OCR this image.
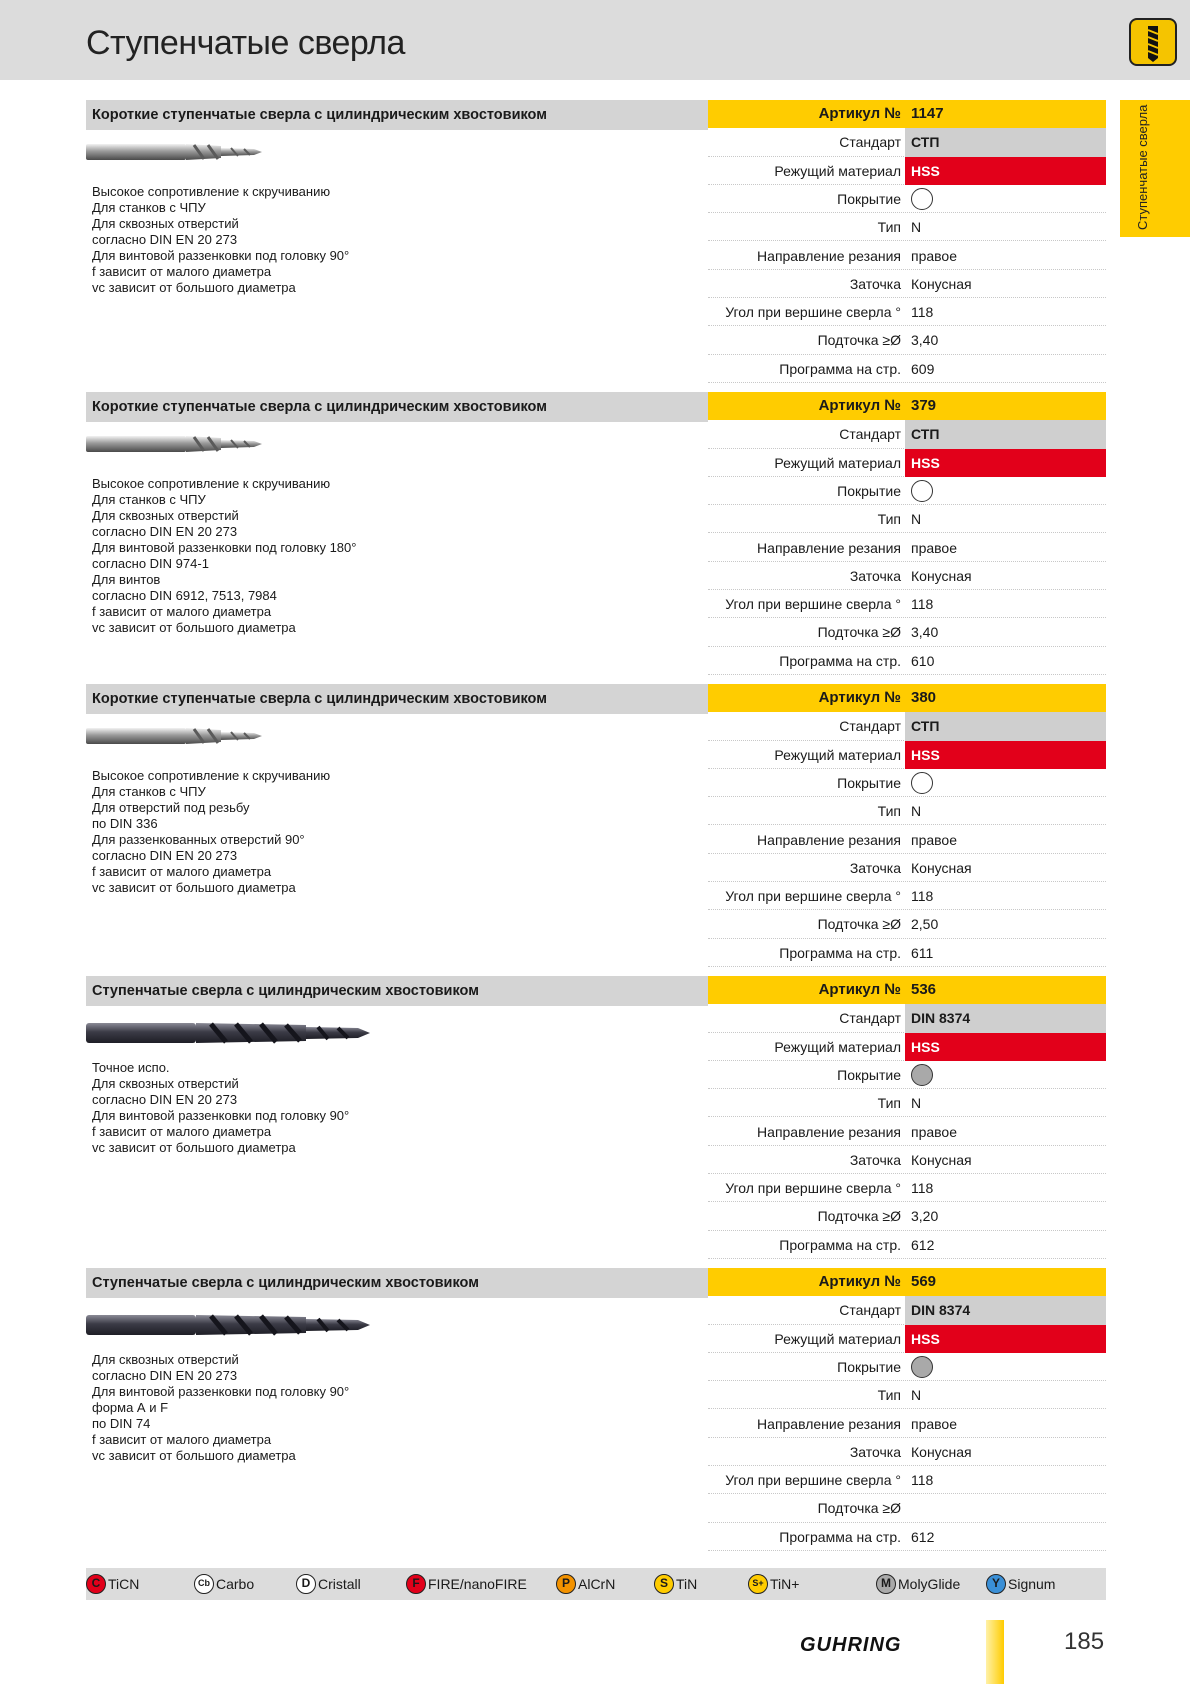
Ступенчатые сверла
Ступенчатые сверла
Короткие ступенчатые сверла с цилиндрическим хвостовиком
Высокое сопротивление к скручиванию
Для станков с ЧПУ
Для сквозных отверстий
согласно DIN EN 20 273
Для винтовой раззенковки под головку 90°
f зависит от малого диаметра
vc зависит от большого диаметра
Артикул № 1147
Стандарт СТП
Режущий материал HSS
Покрытие
Тип N
Направление резания правое
Заточка Конусная
Угол при вершине сверла ° 118
Подточка ≥Ø 3,40
Программа на стр. 609
Короткие ступенчатые сверла с цилиндрическим хвостовиком
Высокое сопротивление к скручиванию
Для станков с ЧПУ
Для сквозных отверстий
согласно DIN EN 20 273
Для винтовой раззенковки под головку 180°
согласно DIN 974-1
Для винтов
согласно DIN 6912, 7513, 7984
f зависит от малого диаметра
vc зависит от большого диаметра
Артикул № 379
Стандарт СТП
Режущий материал HSS
Покрытие
Тип N
Направление резания правое
Заточка Конусная
Угол при вершине сверла ° 118
Подточка ≥Ø 3,40
Программа на стр. 610
Короткие ступенчатые сверла с цилиндрическим хвостовиком
Высокое сопротивление к скручиванию
Для станков с ЧПУ
Для отверстий под резьбу
по DIN 336
Для раззенкованных отверстий 90°
согласно DIN EN 20 273
f зависит от малого диаметра
vc зависит от большого диаметра
Артикул № 380
Стандарт СТП
Режущий материал HSS
Покрытие
Тип N
Направление резания правое
Заточка Конусная
Угол при вершине сверла ° 118
Подточка ≥Ø 2,50
Программа на стр. 611
Ступенчатые сверла с цилиндрическим хвостовиком
Точное испо.
Для сквозных отверстий
согласно DIN EN 20 273
Для винтовой раззенковки под головку 90°
f зависит от малого диаметра
vc зависит от большого диаметра
Артикул № 536
Стандарт DIN 8374
Режущий материал HSS
Покрытие
Тип N
Направление резания правое
Заточка Конусная
Угол при вершине сверла ° 118
Подточка ≥Ø 3,20
Программа на стр. 612
Ступенчатые сверла с цилиндрическим хвостовиком
Для сквозных отверстий
согласно DIN EN 20 273
Для винтовой раззенковки под головку 90°
форма А и F
по DIN 74
f зависит от малого диаметра
vc зависит от большого диаметра
Артикул № 569
Стандарт DIN 8374
Режущий материал HSS
Покрытие
Тип N
Направление резания правое
Заточка Конусная
Угол при вершине сверла ° 118
Подточка ≥Ø
Программа на стр. 612
C TiCN	Cb Carbo	D Cristall	F FIRE/nanoFIRE	P AlCrN	S TiN	S+ TiN+	M MolyGlide	Y Signum
GUHRING	185
